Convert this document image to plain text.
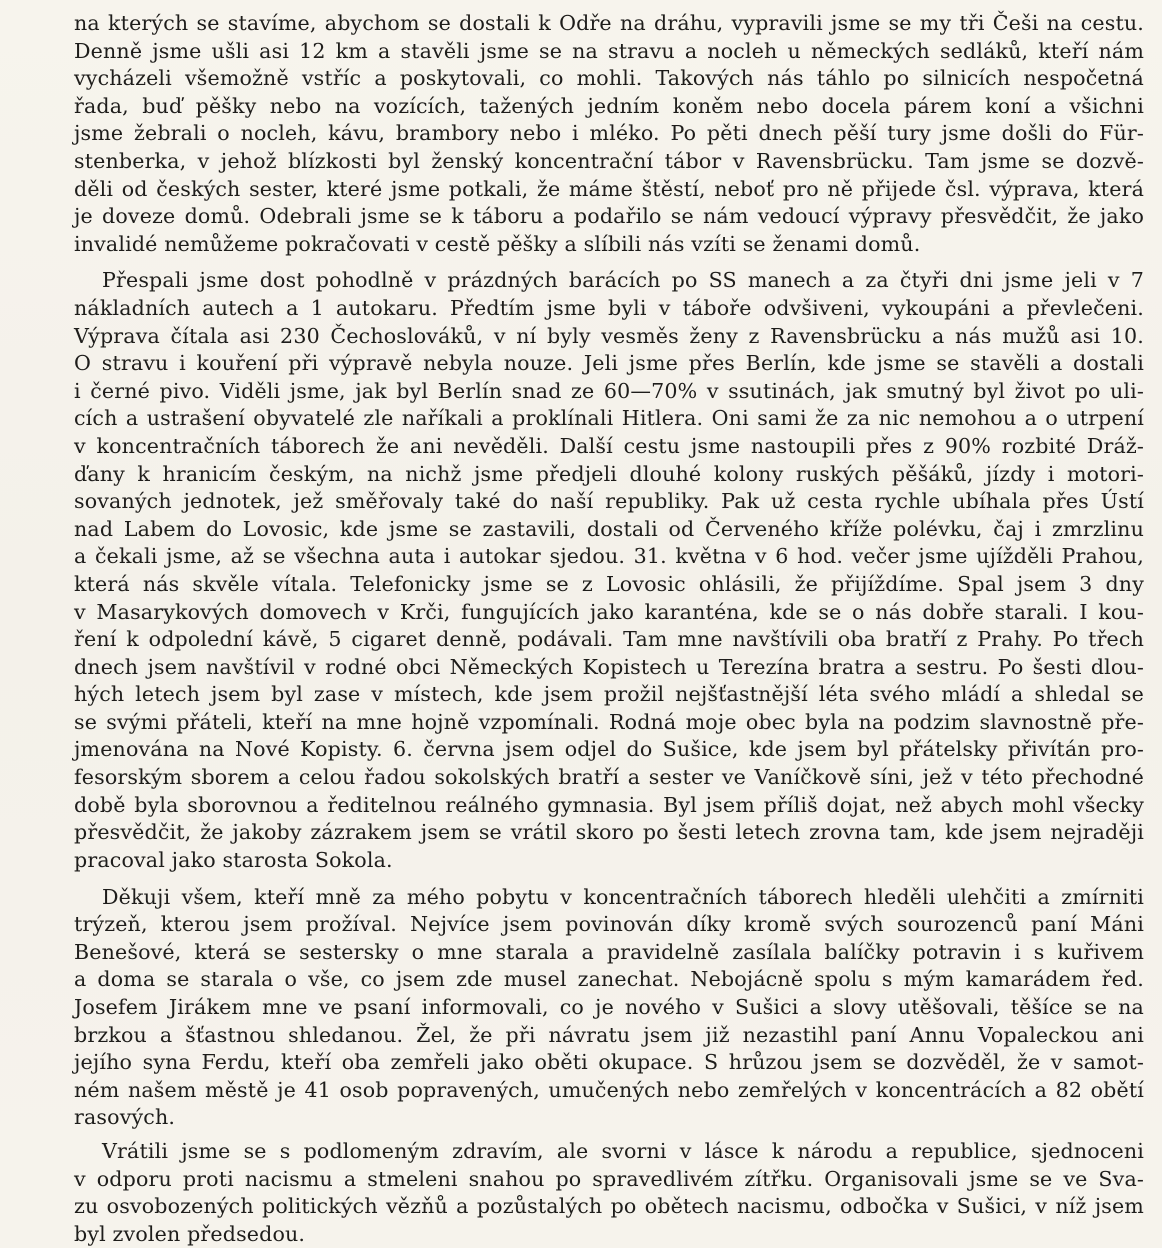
na kterých se stavíme, abychom se dostali k Odře na dráhu, vypravili jsme se my tři Češi na cestu.
Denně jsme ušli asi 12 km a stavěli jsme se na stravu a nocleh u německých sedláků, kteří nám
vycházeli všemožně vstříc a poskytovali, co mohli. Takových nás táhlo po silnicích nespočetná
řada, buď pěšky nebo na vozících, tažených jedním koněm nebo docela párem koní a všichni
jsme žebrali o nocleh, kávu, brambory nebo i mléko. Po pěti dnech pěší tury jsme došli do Für-
stenberka, v jehož blízkosti byl ženský koncentrační tábor v Ravensbrücku. Tam jsme se dozvě-
děli od českých sester, které jsme potkali, že máme štěstí, neboť pro ně přijede čsl. výprava, která
je doveze domů. Odebrali jsme se k táboru a podařilo se nám vedoucí výpravy přesvědčit, že jako
invalidé nemůžeme pokračovati v cestě pěšky a slíbili nás vzíti se ženami domů.
Přespali jsme dost pohodlně v prázdných barácích po SS manech a za čtyři dni jsme jeli v 7
nákladních autech a 1 autokaru. Předtím jsme byli v táboře odvšiveni, vykoupáni a převlečeni.
Výprava čítala asi 230 Čechoslováků, v ní byly vesměs ženy z Ravensbrücku a nás mužů asi 10.
O stravu i kouření při výpravě nebyla nouze. Jeli jsme přes Berlín, kde jsme se stavěli a dostali
i černé pivo. Viděli jsme, jak byl Berlín snad ze 60—70% v ssutinách, jak smutný byl život po uli-
cích a ustrašení obyvatelé zle naříkali a proklínali Hitlera. Oni sami že za nic nemohou a o utrpení
v koncentračních táborech že ani nevěděli. Další cestu jsme nastoupili přes z 90% rozbité Dráž-
ďany k hranicím českým, na nichž jsme předjeli dlouhé kolony ruských pěšáků, jízdy i motori-
sovaných jednotek, jež směřovaly také do naší republiky. Pak už cesta rychle ubíhala přes Ústí
nad Labem do Lovosic, kde jsme se zastavili, dostali od Červeného kříže polévku, čaj i zmrzlinu
a čekali jsme, až se všechna auta i autokar sjedou. 31. května v 6 hod. večer jsme ujížděli Prahou,
která nás skvěle vítala. Telefonicky jsme se z Lovosic ohlásili, že přijíždíme. Spal jsem 3 dny
v Masarykových domovech v Krči, fungujících jako karanténa, kde se o nás dobře starali. I kou-
ření k odpolední kávě, 5 cigaret denně, podávali. Tam mne navštívili oba bratří z Prahy. Po třech
dnech jsem navštívil v rodné obci Německých Kopistech u Terezína bratra a sestru. Po šesti dlou-
hých letech jsem byl zase v místech, kde jsem prožil nejšťastnější léta svého mládí a shledal se
se svými přáteli, kteří na mne hojně vzpomínali. Rodná moje obec byla na podzim slavnostně pře-
jmenována na Nové Kopisty. 6. června jsem odjel do Sušice, kde jsem byl přátelsky přivítán pro-
fesorským sborem a celou řadou sokolských bratří a sester ve Vaníčkově síni, jež v této přechodné
době byla sborovnou a ředitelnou reálného gymnasia. Byl jsem příliš dojat, než abych mohl všecky
přesvědčit, že jakoby zázrakem jsem se vrátil skoro po šesti letech zrovna tam, kde jsem nejraději
pracoval jako starosta Sokola.
Děkuji všem, kteří mně za mého pobytu v koncentračních táborech hleděli ulehčiti a zmírniti
trýzeň, kterou jsem prožíval. Nejvíce jsem povinován díky kromě svých sourozenců paní Máni
Benešové, která se sestersky o mne starala a pravidelně zasílala balíčky potravin i s kuřivem
a doma se starala o vše, co jsem zde musel zanechat. Nebojácně spolu s mým kamarádem řed.
Josefem Jirákem mne ve psaní informovali, co je nového v Sušici a slovy utěšovali, těšíce se na
brzkou a šťastnou shledanou. Žel, že při návratu jsem již nezastihl paní Annu Vopaleckou ani
jejího syna Ferdu, kteří oba zemřeli jako oběti okupace. S hrůzou jsem se dozvěděl, že v samot-
ném našem městě je 41 osob popravených, umučených nebo zemřelých v koncentrácích a 82 obětí
rasových.
Vrátili jsme se s podlomeným zdravím, ale svorni v lásce k národu a republice, sjednoceni
v odporu proti nacismu a stmeleni snahou po spravedlivém zítřku. Organisovali jsme se ve Sva-
zu osvobozených politických vězňů a pozůstalých po obětech nacismu, odbočka v Sušici, v níž jsem
byl zvolen předsedou.
